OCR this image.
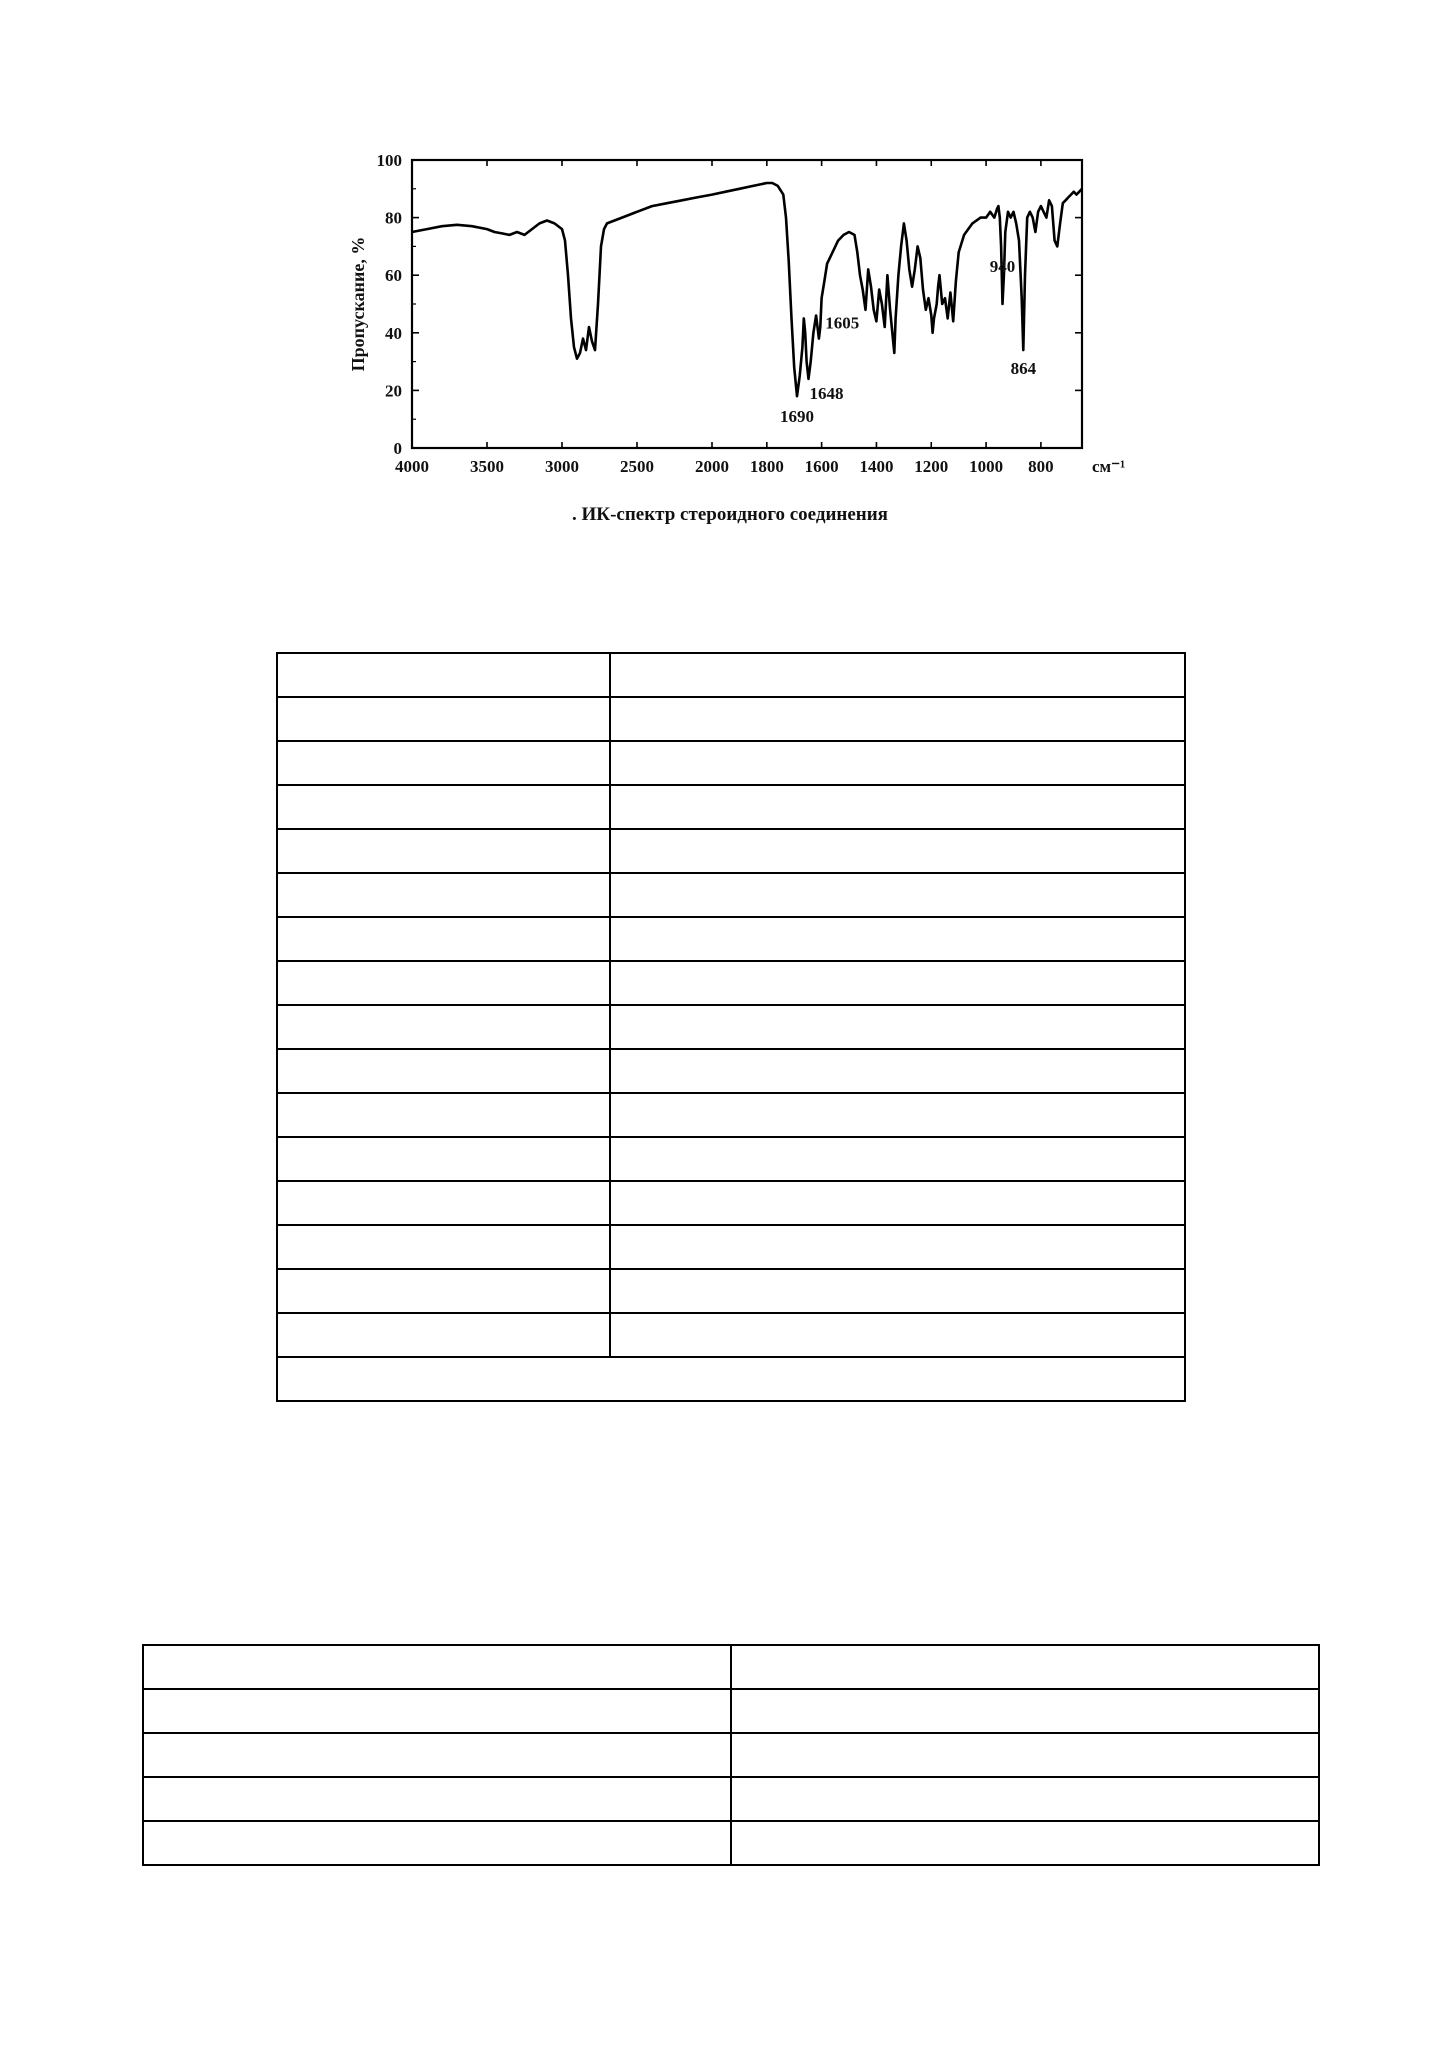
4000 3500 3000 2500 2000 1800 1600 1400 1200 1000 800 см⁻¹
0
20
40
60
80
100
Пропускание, %
1690
1648
1605
940
864
. ИК-спектр стероидного соединения
